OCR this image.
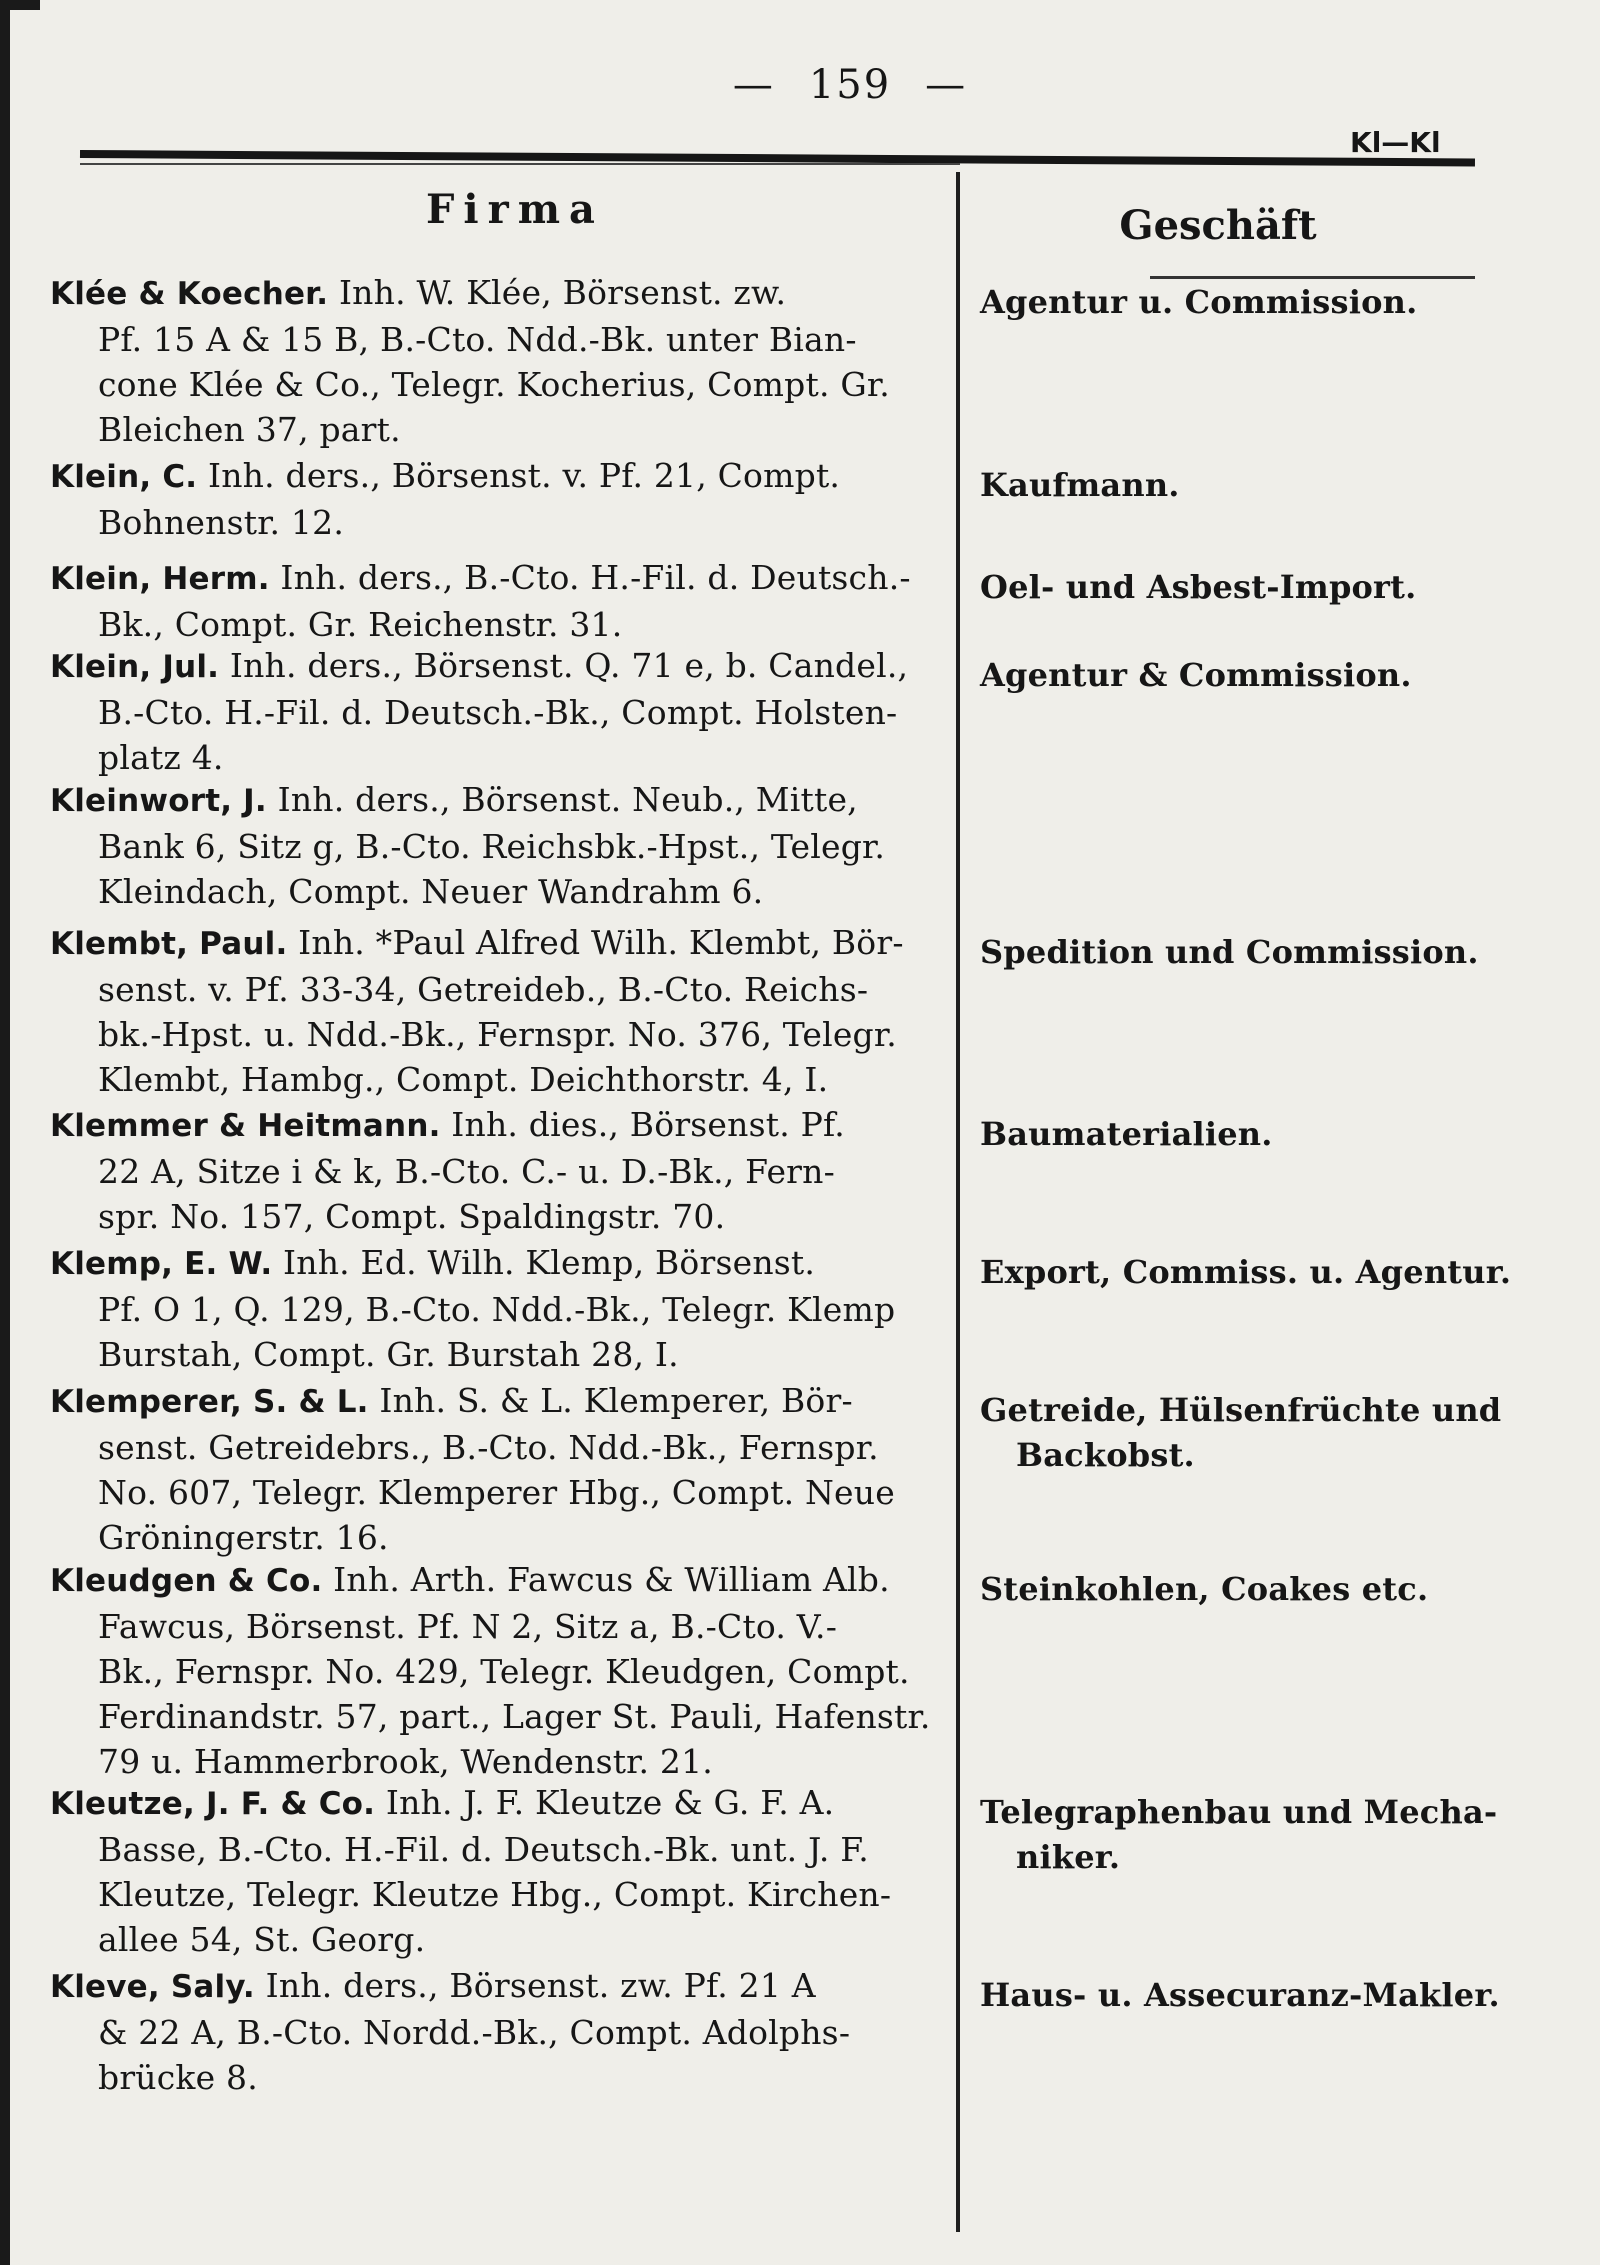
— 159 —
Kl—Kl
Firma	Geschäft
Klée & Koecher. Inh. W. Klée, Börsenst. zw.
Pf. 15 A & 15 B, B.-Cto. Ndd.-Bk. unter Bian-
cone Klée & Co., Telegr. Kocherius, Compt. Gr.
Bleichen 37, part.
Agentur u. Commission.
Klein, C. Inh. ders., Börsenst. v. Pf. 21, Compt.
Bohnenstr. 12.
Kaufmann.
Klein, Herm. Inh. ders., B.-Cto. H.-Fil. d. Deutsch.-
Bk., Compt. Gr. Reichenstr. 31.
Oel- und Asbest-Import.
Klein, Jul. Inh. ders., Börsenst. Q. 71 e, b. Candel.,
B.-Cto. H.-Fil. d. Deutsch.-Bk., Compt. Holsten-
platz 4.
Agentur & Commission.
Kleinwort, J. Inh. ders., Börsenst. Neub., Mitte,
Bank 6, Sitz g, B.-Cto. Reichsbk.-Hpst., Telegr.
Kleindach, Compt. Neuer Wandrahm 6.
Klembt, Paul. Inh. *Paul Alfred Wilh. Klembt, Bör-
senst. v. Pf. 33-34, Getreideb., B.-Cto. Reichs-
bk.-Hpst. u. Ndd.-Bk., Fernspr. No. 376, Telegr.
Klembt, Hambg., Compt. Deichthorstr. 4, I.
Spedition und Commission.
Klemmer & Heitmann. Inh. dies., Börsenst. Pf.
22 A, Sitze i & k, B.-Cto. C.- u. D.-Bk., Fern-
spr. No. 157, Compt. Spaldingstr. 70.
Baumaterialien.
Klemp, E. W. Inh. Ed. Wilh. Klemp, Börsenst.
Pf. O 1, Q. 129, B.-Cto. Ndd.-Bk., Telegr. Klemp
Burstah, Compt. Gr. Burstah 28, I.
Export, Commiss. u. Agentur.
Klemperer, S. & L. Inh. S. & L. Klemperer, Bör-
senst. Getreidebrs., B.-Cto. Ndd.-Bk., Fernspr.
No. 607, Telegr. Klemperer Hbg., Compt. Neue
Gröningerstr. 16.
Getreide, Hülsenfrüchte und
Backobst.
Kleudgen & Co. Inh. Arth. Fawcus & William Alb.
Fawcus, Börsenst. Pf. N 2, Sitz a, B.-Cto. V.-
Bk., Fernspr. No. 429, Telegr. Kleudgen, Compt.
Ferdinandstr. 57, part., Lager St. Pauli, Hafenstr.
79 u. Hammerbrook, Wendenstr. 21.
Steinkohlen, Coakes etc.
Kleutze, J. F. & Co. Inh. J. F. Kleutze & G. F. A.
Basse, B.-Cto. H.-Fil. d. Deutsch.-Bk. unt. J. F.
Kleutze, Telegr. Kleutze Hbg., Compt. Kirchen-
allee 54, St. Georg.
Telegraphenbau und Mecha-
niker.
Kleve, Saly. Inh. ders., Börsenst. zw. Pf. 21 A
& 22 A, B.-Cto. Nordd.-Bk., Compt. Adolphs-
brücke 8.
Haus- u. Assecuranz-Makler.
